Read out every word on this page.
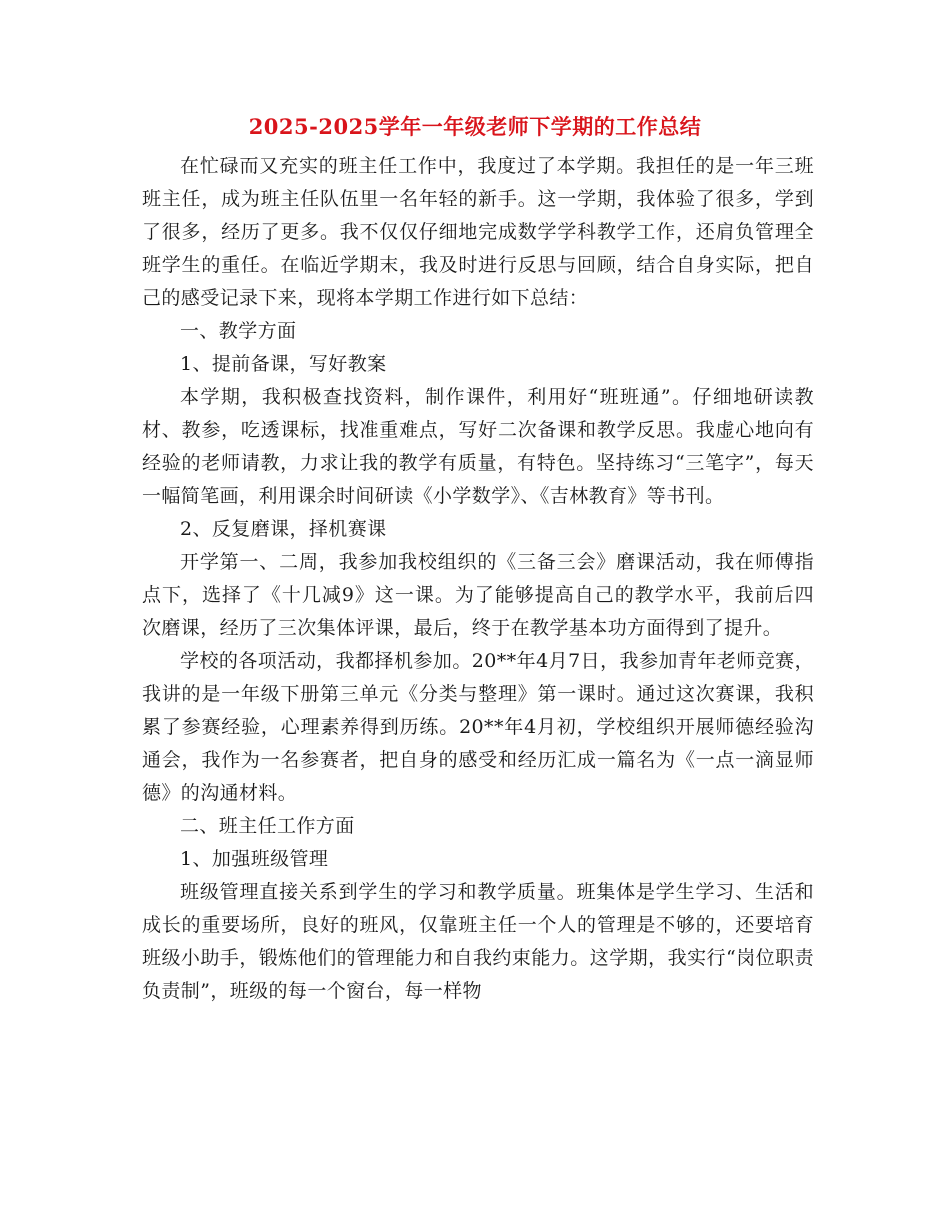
2025-2025学年一年级老师下学期的工作总结

在忙碌而又充实的班主任工作中，我度过了本学期。我担任的是一年三班班主任，成为班主任队伍里一名年轻的新手。这一学期，我体验了很多，学到了很多，经历了更多。我不仅仅仔细地完成数学学科教学工作，还肩负管理全班学生的重任。在临近学期末，我及时进行反思与回顾，结合自身实际，把自己的感受记录下来，现将本学期工作进行如下总结：

一、教学方面

1、提前备课，写好教案

本学期，我积极查找资料，制作课件，利用好“班班通”。仔细地研读教材、教参，吃透课标，找准重难点，写好二次备课和教学反思。我虚心地向有经验的老师请教，力求让我的教学有质量，有特色。坚持练习“三笔字”，每天一幅简笔画，利用课余时间研读《小学数学》、《吉林教育》等书刊。

2、反复磨课，择机赛课

开学第一、二周，我参加我校组织的《三备三会》磨课活动，我在师傅指点下，选择了《十几减9》这一课。为了能够提高自己的教学水平，我前后四次磨课，经历了三次集体评课，最后，终于在教学基本功方面得到了提升。

学校的各项活动，我都择机参加。20**年4月7日，我参加青年老师竞赛，我讲的是一年级下册第三单元《分类与整理》第一课时。通过这次赛课，我积累了参赛经验，心理素养得到历练。20**年4月初，学校组织开展师德经验沟通会，我作为一名参赛者，把自身的感受和经历汇成一篇名为《一点一滴显师德》的沟通材料。

二、班主任工作方面

1、加强班级管理

班级管理直接关系到学生的学习和教学质量。班集体是学生学习、生活和成长的重要场所，良好的班风，仅靠班主任一个人的管理是不够的，还要培育班级小助手，锻炼他们的管理能力和自我约束能力。这学期，我实行“岗位职责负责制”，班级的每一个窗台，每一样物
